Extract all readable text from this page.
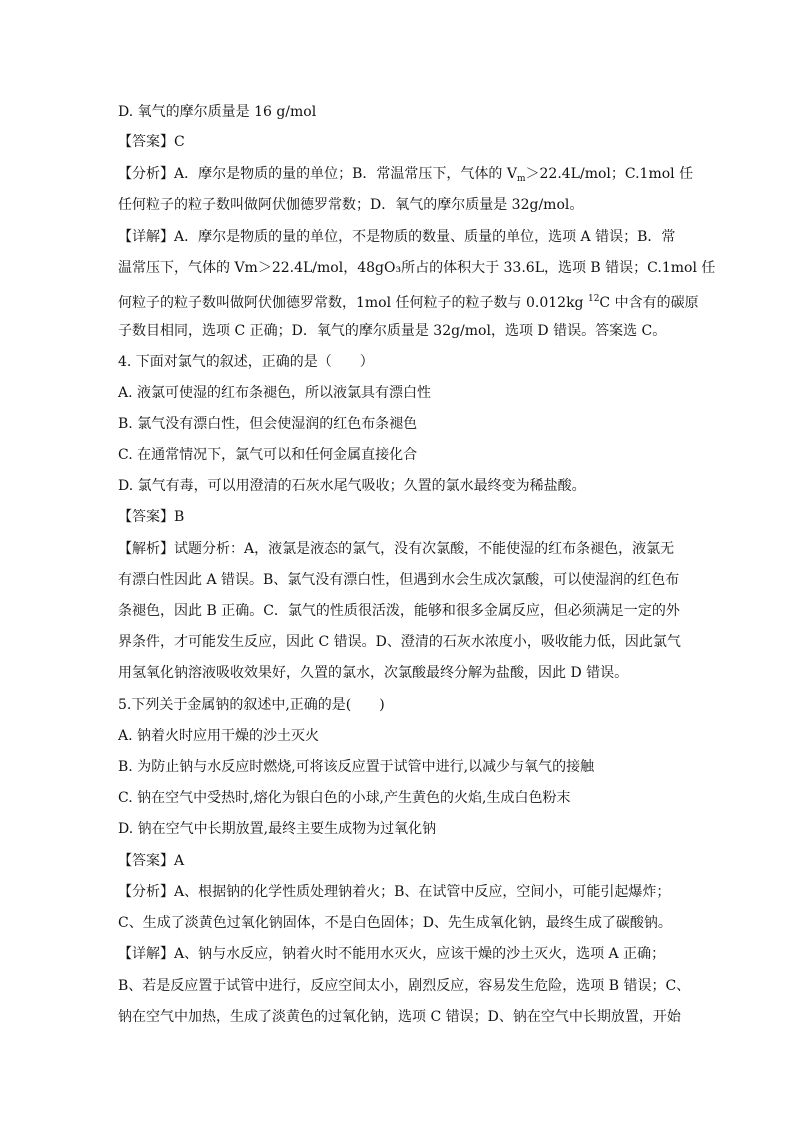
D. 氧气的摩尔质量是 16 g/mol
【答案】C
【分析】A．摩尔是物质的量的单位；B．常温常压下，气体的 $V_m>22.4L$/mol；C.1mol 任
任何粒子的粒子数叫做阿伏伽德罗常数；D．氧气的摩尔质量是 32g/mol。
【详解】A．摩尔是物质的量的单位，不是物质的数量、质量的单位，选项 A 错误；B．常
温常压下，气体的 Vm＞22.4L/mol，48gO₃所占的体积大于 33.6L，选项 B 错误；C.1mol 任
何粒子的粒子数叫做阿伏伽德罗常数，1mol 任何粒子的粒子数与 0.012kg $^{12}$C 中含有的碳原
子数目相同，选项 C 正确；D．氧气的摩尔质量是 32g/mol，选项 D 错误。答案选 C。
4. 下面对氯气的叙述，正确的是（　　）
A. 液氯可使湿的红布条褪色，所以液氯具有漂白性
B. 氯气没有漂白性，但会使湿润的红色布条褪色
C. 在通常情况下，氯气可以和任何金属直接化合
D. 氯气有毒，可以用澄清的石灰水尾气吸收；久置的氯水最终变为稀盐酸。
【答案】B
【解析】试题分析：A，液氯是液态的氯气，没有次氯酸，不能使湿的红布条褪色，液氯无
有漂白性因此 A 错误。B、氯气没有漂白性，但遇到水会生成次氯酸，可以使湿润的红色布
条褪色，因此 B 正确。C．氯气的性质很活泼，能够和很多金属反应，但必须满足一定的外
界条件，才可能发生反应，因此 C 错误。D、澄清的石灰水浓度小，吸收能力低，因此氯气
用氢氧化钠溶液吸收效果好，久置的氯水，次氯酸最终分解为盐酸，因此 D 错误。
5.下列关于金属钠的叙述中,正确的是(　　)
A. 钠着火时应用干燥的沙土灭火
B. 为防止钠与水反应时燃烧,可将该反应置于试管中进行,以减少与氧气的接触
C. 钠在空气中受热时,熔化为银白色的小球,产生黄色的火焰,生成白色粉末
D. 钠在空气中长期放置,最终主要生成物为过氧化钠
【答案】A
【分析】A、根据钠的化学性质处理钠着火；B、在试管中反应，空间小，可能引起爆炸；
C、生成了淡黄色过氧化钠固体，不是白色固体；D、先生成氧化钠，最终生成了碳酸钠。
【详解】A、钠与水反应，钠着火时不能用水灭火，应该干燥的沙土灭火，选项 A 正确；
B、若是反应置于试管中进行，反应空间太小，剧烈反应，容易发生危险，选项 B 错误；C、
钠在空气中加热，生成了淡黄色的过氧化钠，选项 C 错误；D、钠在空气中长期放置，开始
